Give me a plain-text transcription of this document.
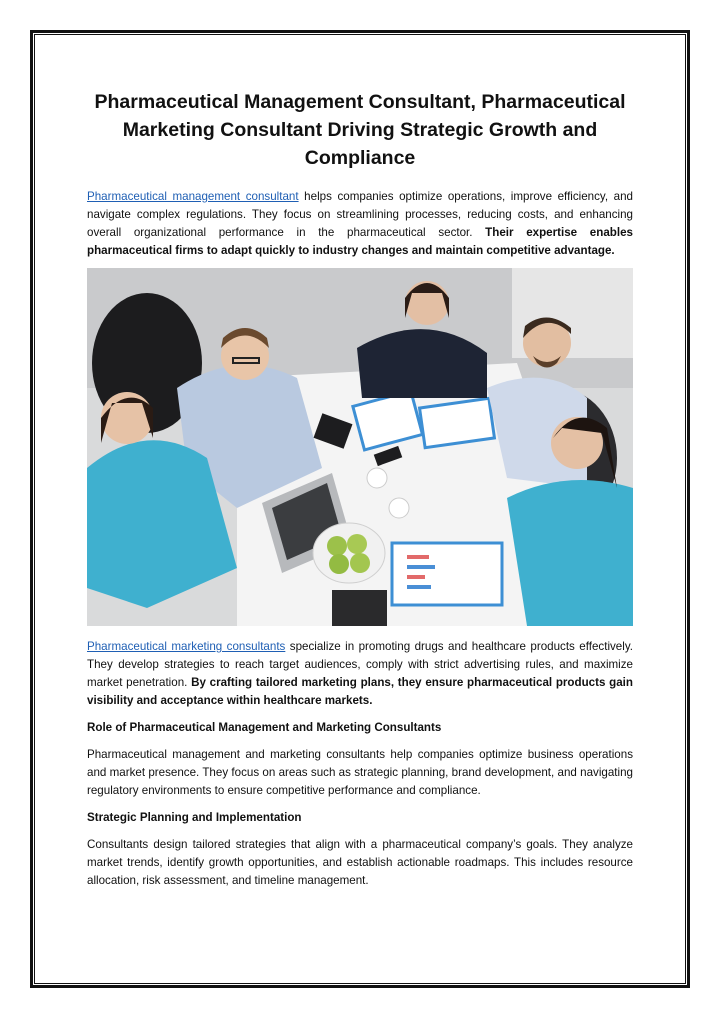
Pharmaceutical Management Consultant, Pharmaceutical Marketing Consultant Driving Strategic Growth and Compliance

Pharmaceutical management consultant helps companies optimize operations, improve efficiency, and navigate complex regulations. They focus on streamlining processes, reducing costs, and enhancing overall organizational performance in the pharmaceutical sector. Their expertise enables pharmaceutical firms to adapt quickly to industry changes and maintain competitive advantage.

Pharmaceutical marketing consultants specialize in promoting drugs and healthcare products effectively. They develop strategies to reach target audiences, comply with strict advertising rules, and maximize market penetration. By crafting tailored marketing plans, they ensure pharmaceutical products gain visibility and acceptance within healthcare markets.

Role of Pharmaceutical Management and Marketing Consultants

Pharmaceutical management and marketing consultants help companies optimize business operations and market presence. They focus on areas such as strategic planning, brand development, and navigating regulatory environments to ensure competitive performance and compliance.

Strategic Planning and Implementation

Consultants design tailored strategies that align with a pharmaceutical company’s goals. They analyze market trends, identify growth opportunities, and establish actionable roadmaps. This includes resource allocation, risk assessment, and timeline management.
